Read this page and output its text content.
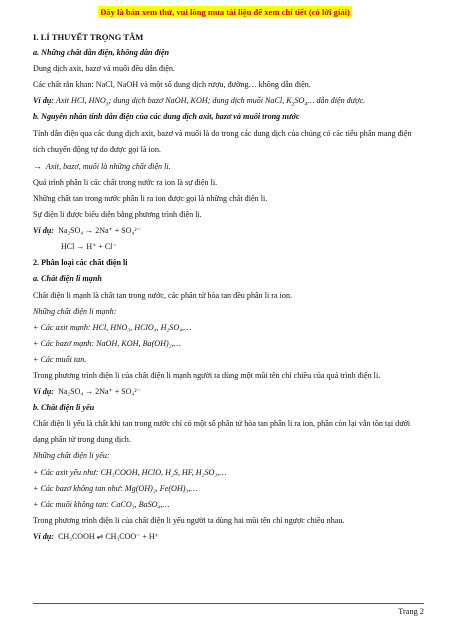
Đây là bản xem thử, vui lòng mua tài liệu để xem chi tiết (có lời giải)
I. LÍ THUYẾT TRỌNG TÂM
a. Những chất dẫn điện, không dẫn điện
Dung dịch axit, bazơ và muối đều dẫn điện.
Các chất rắn khan: NaCl, NaOH và một số dung dịch rượu, đường… không dẫn điện.
Ví dụ: Axit HCl, $HNO_3$; dung dịch bazơ NaOH, KOH; dung dịch muối NaCl, $K_2SO_4\dots$ dẫn điện được.
b. Nguyên nhân tính dẫn điện của các dung dịch axit, bazơ và muối trong nước
Tính dẫn điện qua các dung dịch axit, bazơ và muối là do trong các dung dịch của chúng có các tiểu phân mang điện tích chuyển động tự do được gọi là ion.
→ Axit, bazơ, muối là những chất điện li.
Quá trình phân li các chất trong nước ra ion là sự điện li.
Những chất tan trong nước phân li ra ion được gọi là những chất điện li.
Sự điện li được biểu diễn bằng phương trình điện li.
Ví dụ: Na₂SO₄ → 2Na⁺ + SO₄²⁻
HCl → H⁺ + Cl⁻
2. Phân loại các chất điện li
a. Chất điện li mạnh
Chất điện li mạnh là chất tan trong nước, các phân tử hòa tan đều phân li ra ion.
Những chất điện li mạnh:
+ Các axit mạnh: HCl, HNO₃, HClO₄, H₂SO₄,…
+ Các bazơ mạnh: NaOH, KOH, Ba(OH)₂,…
+ Các muối tan.
Trong phương trình điện li của chất điện li mạnh người ta dùng một mũi tên chỉ chiều của quá trình điện li.
Ví dụ: Na₂SO₄ → 2Na⁺ + SO₄²⁻
b. Chất điện li yếu
Chất điện li yếu là chất khi tan trong nước chỉ có một số phân tử hòa tan phân li ra ion, phần còn lại vẫn tồn tại dưới dạng phân tử trong dung dịch.
Những chất điện li yếu:
+ Các axit yếu như: CH₃COOH, HClO, H₂S, HF, H₂SO₃,…
+ Các bazơ không tan như: Mg(OH)₂, Fe(OH)₃,…
+ Các muối không tan: CaCO₃, BaSO₄,…
Trong phương trình điện li của chất điện li yếu người ta dùng hai mũi tên chỉ ngược chiều nhau.
Ví dụ: CH₃COOH ⇌ CH₃COO⁻ + H⁺
Trang 2
